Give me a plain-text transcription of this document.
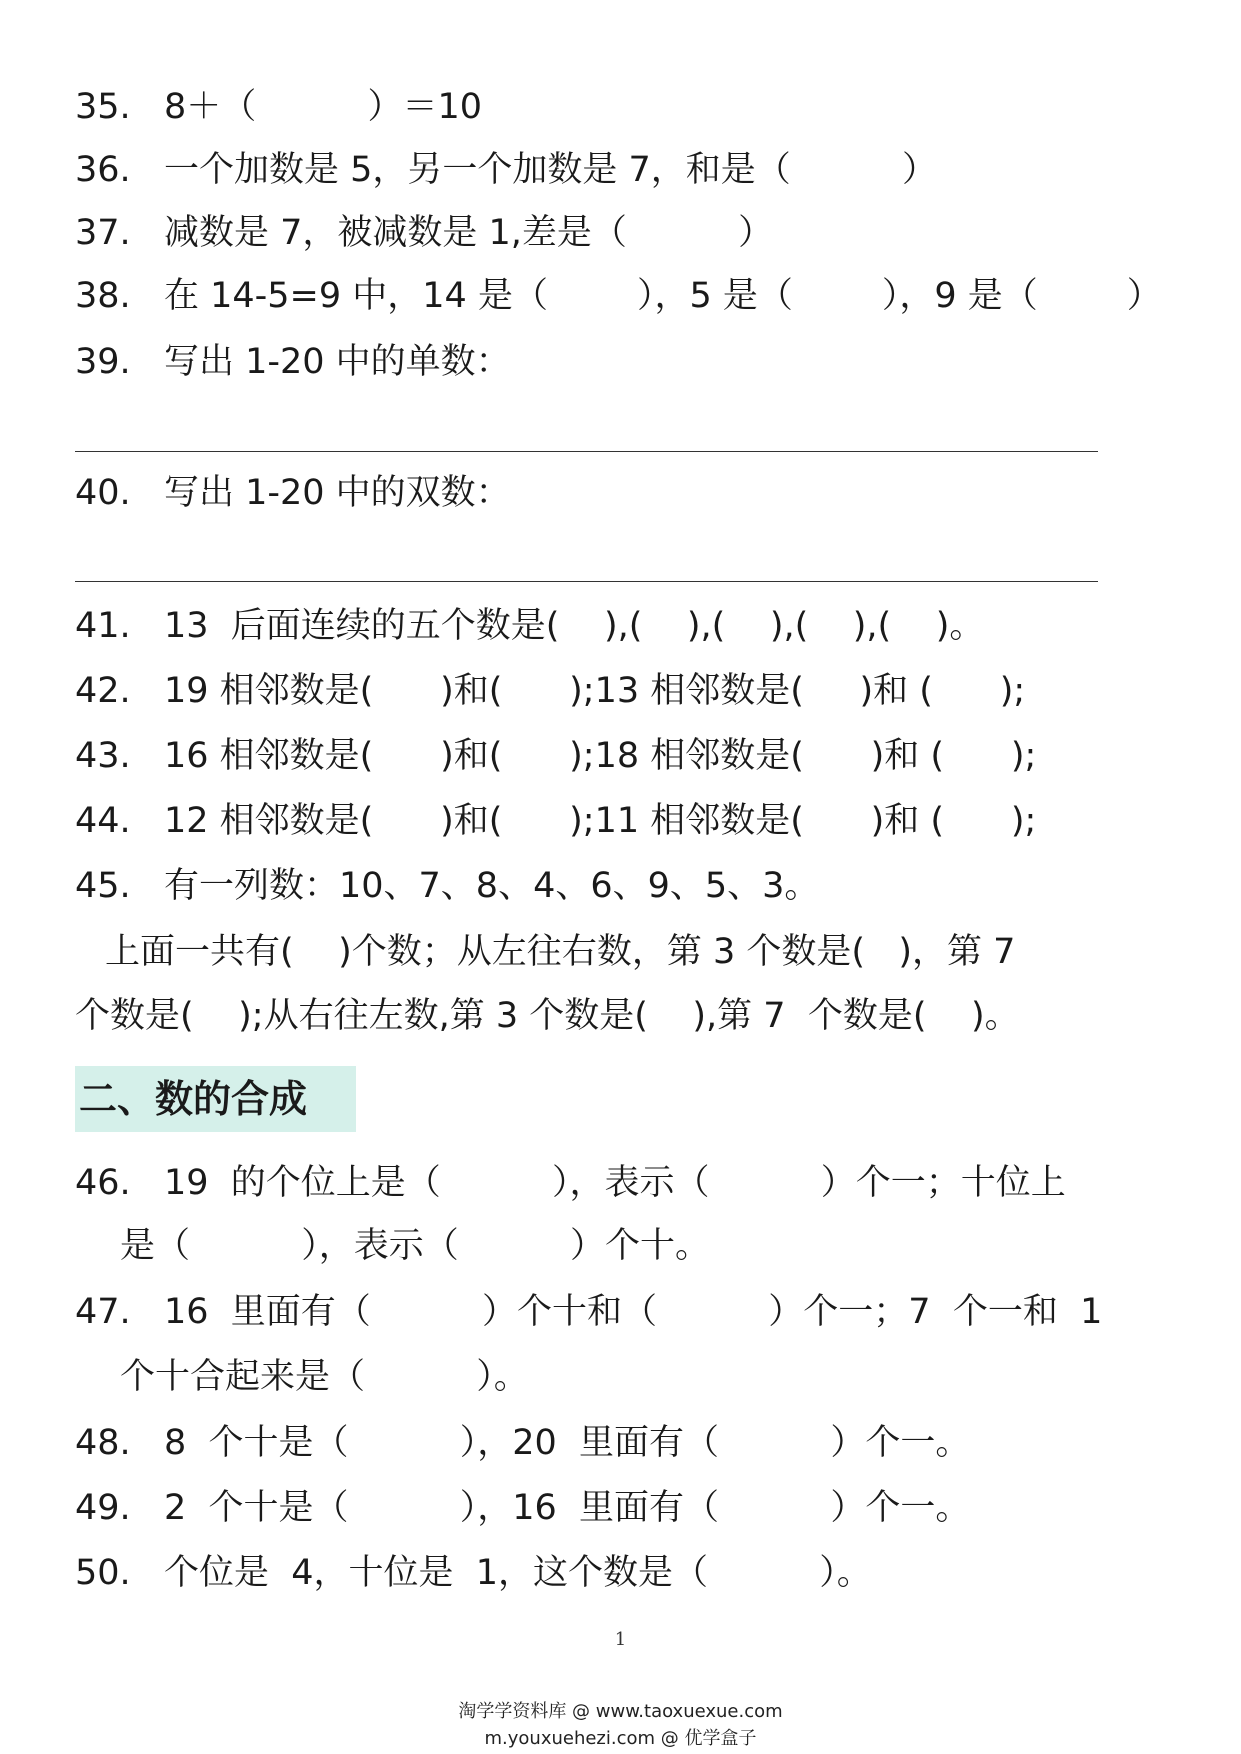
35. 8＋（          ）＝10
36. 一个加数是 5，另一个加数是 7，和是（          ）
37. 减数是 7，被减数是 1,差是（          ）
38. 在 14-5=9 中，14 是（        ），5 是（        ），9 是（        ）
39. 写出 1-20 中的单数：
40. 写出 1-20 中的双数：
41. 13  后面连续的五个数是(    ),(    ),(    ),(    ),(    )。
42. 19 相邻数是(      )和(      );13 相邻数是(     )和 (      );
43. 16 相邻数是(      )和(      );18 相邻数是(      )和 (      );
44. 12 相邻数是(      )和(      );11 相邻数是(      )和 (      );
45. 有一列数：10、7、8、4、6、9、5、3。
上面一共有(    )个数；从左往右数，第 3 个数是(   )，第 7
个数是(    );从右往左数,第 3 个数是(    ),第 7  个数是(    )。
二、数的合成
46. 19  的个位上是（          ），表示（          ）个一；十位上
是（          ），表示（          ）个十。
47. 16  里面有（          ）个十和（          ）个一；7  个一和  1
个十合起来是（          ）。
48. 8  个十是（          ），20  里面有（          ）个一。
49. 2  个十是（          ），16  里面有（          ）个一。
50. 个位是  4，十位是  1，这个数是（          ）。
1
淘学学资料库 @ www.taoxuexue.com
m.youxuehezi.com @ 优学盒子
